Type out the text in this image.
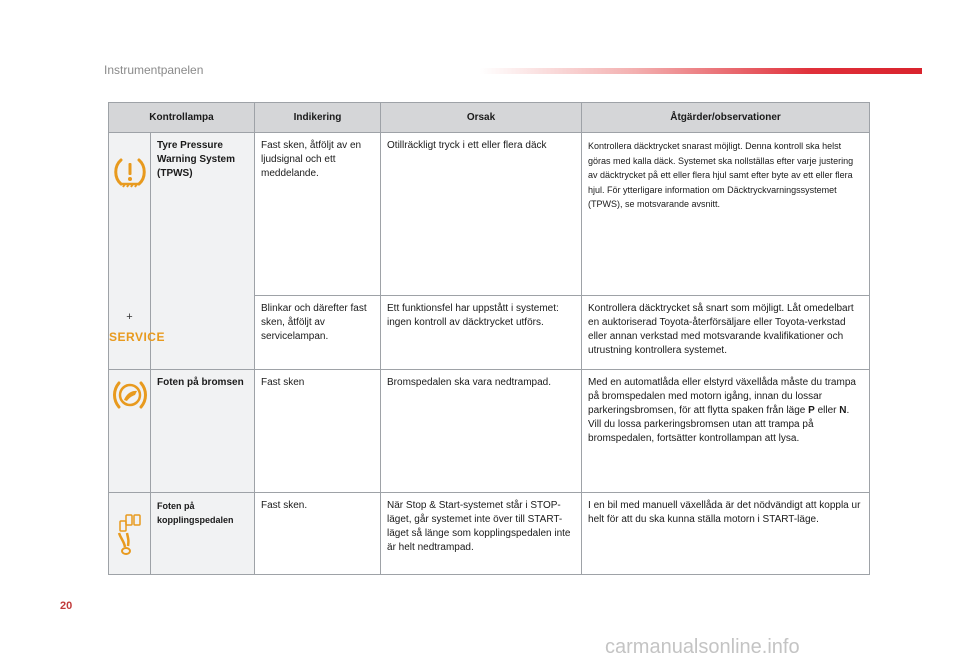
Instrumentpanelen
Kontrollampa		Indikering	Orsak	Åtgärder/observationer

+
SERVICE	Tyre Pressure Warning System (TPWS)	Fast sken, åtföljt av en ljudsignal och ett meddelande.	Otillräckligt tryck i ett eller flera däck	Kontrollera däcktrycket snarast möjligt. Denna kontroll ska helst göras med kalla däck. Systemet ska nollställas efter varje justering av däcktrycket på ett eller flera hjul samt efter byte av ett eller flera hjul. För ytterligare information om Däcktryckvarningssystemet (TPWS), se motsvarande avsnitt.
		Blinkar och därefter fast sken, åtföljt av servicelampan.	Ett funktionsfel har uppstått i systemet: ingen kontroll av däcktrycket utförs.	Kontrollera däcktrycket så snart som möjligt. Låt omedelbart en auktoriserad Toyota-återförsäljare eller Toyota-verkstad eller annan verkstad med motsvarande kvalifikationer och utrustning kontrollera systemet.

	Foten på bromsen	Fast sken	Bromspedalen ska vara nedtrampad.	Med en automatlåda eller elstyrd växellåda måste du trampa på bromspedalen med motorn igång, innan du lossar parkeringsbromsen, för att flytta spaken från läge P eller N.
Vill du lossa parkeringsbromsen utan att trampa på bromspedalen, fortsätter kontrollampan att lysa.

	Foten på kopplingspedalen	Fast sken.	När Stop & Start-systemet står i STOP-läget, går systemet inte över till START-läget så länge som kopplingspedalen inte är helt nedtrampad.	I en bil med manuell växellåda är det nödvändigt att koppla ur helt för att du ska kunna ställa motorn i START-läge.
20
carmanualsonline.info
